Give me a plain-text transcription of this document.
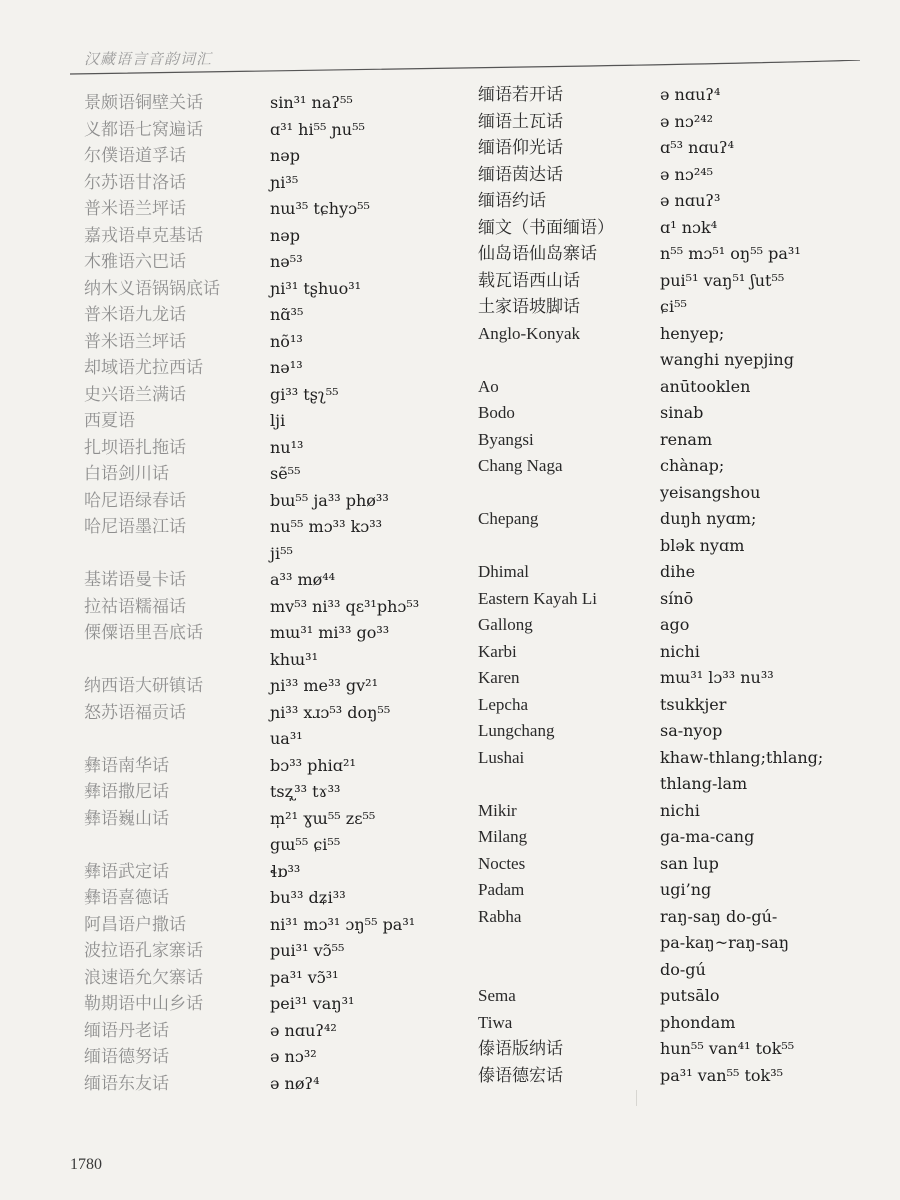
汉藏语言音韵词汇
景颇语铜壁关话
义都语七窝遍话
尔僕语道孚话
尔苏语甘洛话
普米语兰坪话
嘉戎语卓克基话
木雅语六巴话
纳木义语锅锅底话
普米语九龙话
普米语兰坪话
却域语尤拉西话
史兴语兰满话
西夏语
扎坝语扎拖话
白语剑川话
哈尼语绿春话
哈尼语墨江话
基诺语曼卡话
拉祜语糯福话
傈僳语里吾底话
纳西语大研镇话
怒苏语福贡话
彝语南华话
彝语撒尼话
彝语巍山话
彝语武定话
彝语喜德话
阿昌语户撒话
波拉语孔家寨话
浪速语允欠寨话
勒期语中山乡话
缅语丹老话
缅语德努话
缅语东友话
sin³¹ naʔ⁵⁵
ɑ³¹ hi⁵⁵ ɲu⁵⁵
nəp
ɲi³⁵
nɯ³⁵ tɕhyɔ⁵⁵
nəp
nə⁵³
ɲi³¹ tʂhuo³¹
nɑ̃³⁵
nõ¹³
nə¹³
gi³³ tʂʅ⁵⁵
lji
nu¹³
sẽ⁵⁵
bɯ⁵⁵ ja³³ phø³³
nu⁵⁵ mɔ³³ kɔ³³
ji⁵⁵
a³³ mø⁴⁴
mv⁵³ ni³³ qɛ³¹phɔ⁵³
mɯ³¹ mi³³ go³³
khɯ³¹
ɲi³³ me³³ gv²¹
ɲi³³ xɹɔ⁵³ doŋ⁵⁵
ua³¹
bɔ³³ phiɑ²¹
tsʐ̩³³ tɤ³³
m̩²¹ ɣɯ⁵⁵ zɛ⁵⁵
gɯ⁵⁵ ɕi⁵⁵
ɬɒ³³
bu³³ dʑi³³
ni³¹ mɔ³¹ ɔŋ⁵⁵ pa³¹
pui³¹ vɔ̃⁵⁵
pa³¹ vɔ̃³¹
pei³¹ vaŋ³¹
ə nɑuʔ⁴²
ə nɔ³²
ə nøʔ⁴
缅语若开话
缅语土瓦话
缅语仰光话
缅语茵达话
缅语约话
缅文（书面缅语）
仙岛语仙岛寨话
载瓦语西山话
土家语坡脚话
Anglo-Konyak
Ao
Bodo
Byangsi
Chang Naga
Chepang
Dhimal
Eastern Kayah Li
Gallong
Karbi
Karen
Lepcha
Lungchang
Lushai
Mikir
Milang
Noctes
Padam
Rabha
Sema
Tiwa
傣语版纳话
傣语德宏话
ə nɑuʔ⁴
ə nɔ²⁴²
ɑ⁵³ nɑuʔ⁴
ə nɔ²⁴⁵
ə nɑuʔ³
ɑ¹ nɔk⁴
n⁵⁵ mɔ⁵¹ oŋ⁵⁵ pa³¹
pui⁵¹ vaŋ⁵¹ ʃut⁵⁵
ɕi⁵⁵
henyep;
wanghi nyepjing
anūtooklen
sinab
renam
chànap;
yeisangshou
duŋh nyɑm;
blək nyɑm
dihe
sínō
ago
nichi
mɯ³¹ lɔ³³ nu³³
tsukkjer
sa-nyop
khaw-thlang;thlang;
thlang-lam
nichi
ga-ma-cang
san lup
ugi’ng
raŋ-saŋ do-gú-
pa-kaŋ~raŋ-saŋ
do-gú
putsālo
phondam
hun⁵⁵ van⁴¹ tok⁵⁵
pa³¹ van⁵⁵ tok³⁵
1780
